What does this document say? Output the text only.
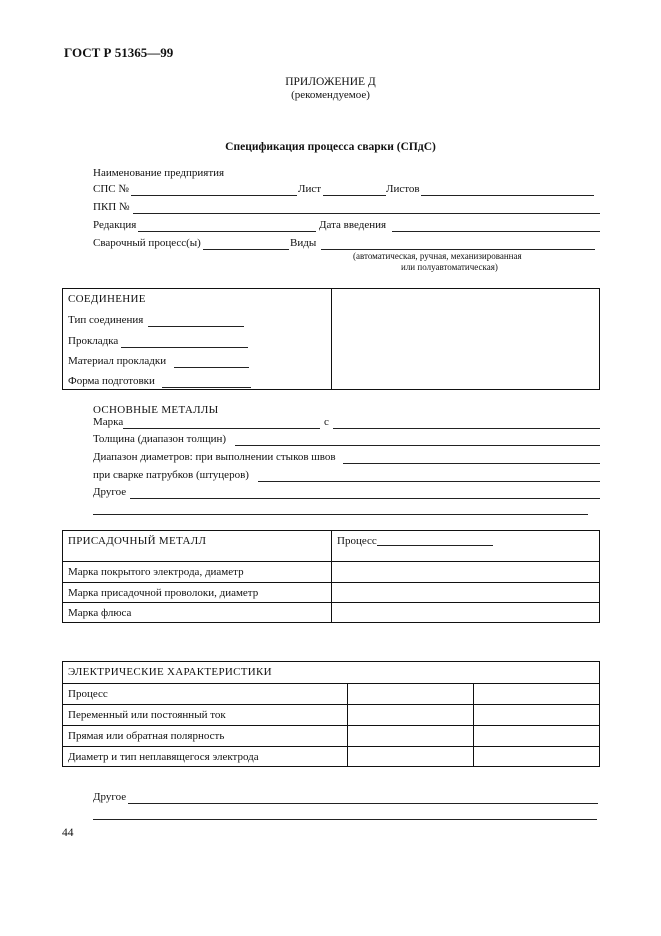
ГОСТ Р 51365—99
ПРИЛОЖЕНИЕ Д
(рекомендуемое)
Спецификация процесса сварки (СПдС)
Наименование предприятия
СПС №	Лист	Листов
ПКП №
Редакция	Дата введения
Сварочный процесс(ы)	Виды
(автоматическая, ручная, механизированная
или полуавтоматическая)
СОЕДИНЕНИЕ
Тип соединения
Прокладка
Материал прокладки
Форма подготовки
ОСНОВНЫЕ МЕТАЛЛЫ
Марка	с
Толщина (диапазон толщин)
Диапазон диаметров: при выполнении стыков швов
при сварке патрубков (штуцеров)
Другое
ПРИСАДОЧНЫЙ МЕТАЛЛ	Процесс
Марка покрытого электрода, диаметр
Марка присадочной проволоки, диаметр
Марка флюса
ЭЛЕКТРИЧЕСКИЕ ХАРАКТЕРИСТИКИ
Процесс
Переменный или постоянный ток
Прямая или обратная полярность
Диаметр и тип неплавящегося электрода
Другое
44
